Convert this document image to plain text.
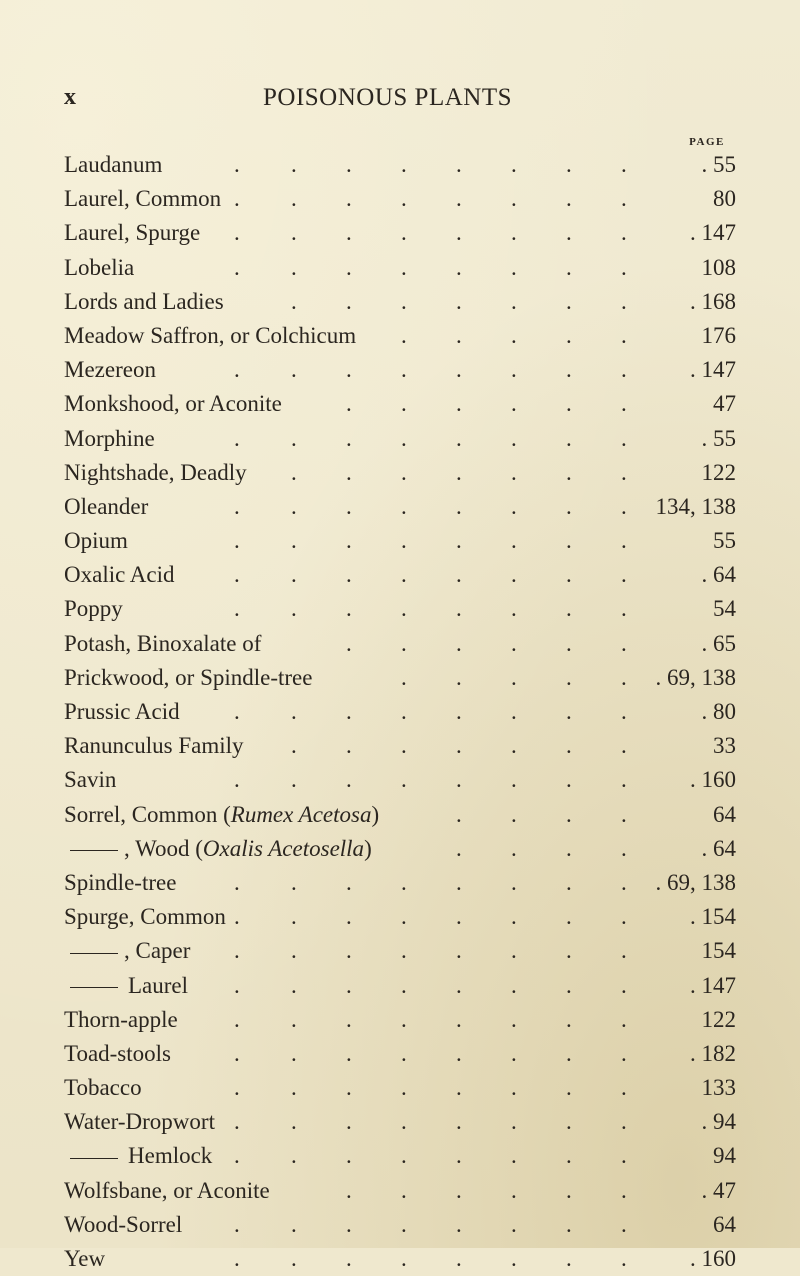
x	POISONOUS PLANTS
PAGE
Laudanum	. . . . . . . .	. 55
Laurel, Common . . . . . . . .	80
Laurel, Spurge . . . . . . . .	. 147
Lobelia	. . . . . . . .	108
Lords and Ladies	. . . . . . .	. 168
Meadow Saffron, or Colchicum . . . . .	176
Mezereon	. . . . . . . .	. 147
Monkshood, or Aconite	. . . . . .	47
Morphine	. . . . . . . .	. 55
Nightshade, Deadly . . . . . . .	122
Oleander	. . . . . . . . 134, 138
Opium	. . . . . . . .	55
Oxalic Acid	. . . . . . . .	. 64
Poppy	. . . . . . . .	54
Potash, Binoxalate of	. . . . . .	. 65
Prickwood, or Spindle-tree	. . . . . . 69, 138
Prussic Acid . . . . . . . .	. 80
Ranunculus Family . . . . . . .	33
Savin	. . . . . . . .	. 160
Sorrel, Common (Rumex Acetosa)	. . . .	64
, Wood (Oxalis Acetosella)	. . . .	. 64
Spindle-tree	. . . . . . . . . 69, 138
Spurge, Common . . . . . . . .	. 154
, Caper . . . . . . . .	154
Laurel . . . . . . . .	. 147
Thorn-apple . . . . . . . .	122
Toad-stools	. . . . . . . .	. 182
Tobacco	. . . . . . . .	133
Water-Dropwort . . . . . . . .	. 94
Hemlock . . . . . . . .	94
Wolfsbane, or Aconite	. . . . . .	. 47
Wood-Sorrel . . . . . . . .	64
Yew	. . . . . . . .	. 160
